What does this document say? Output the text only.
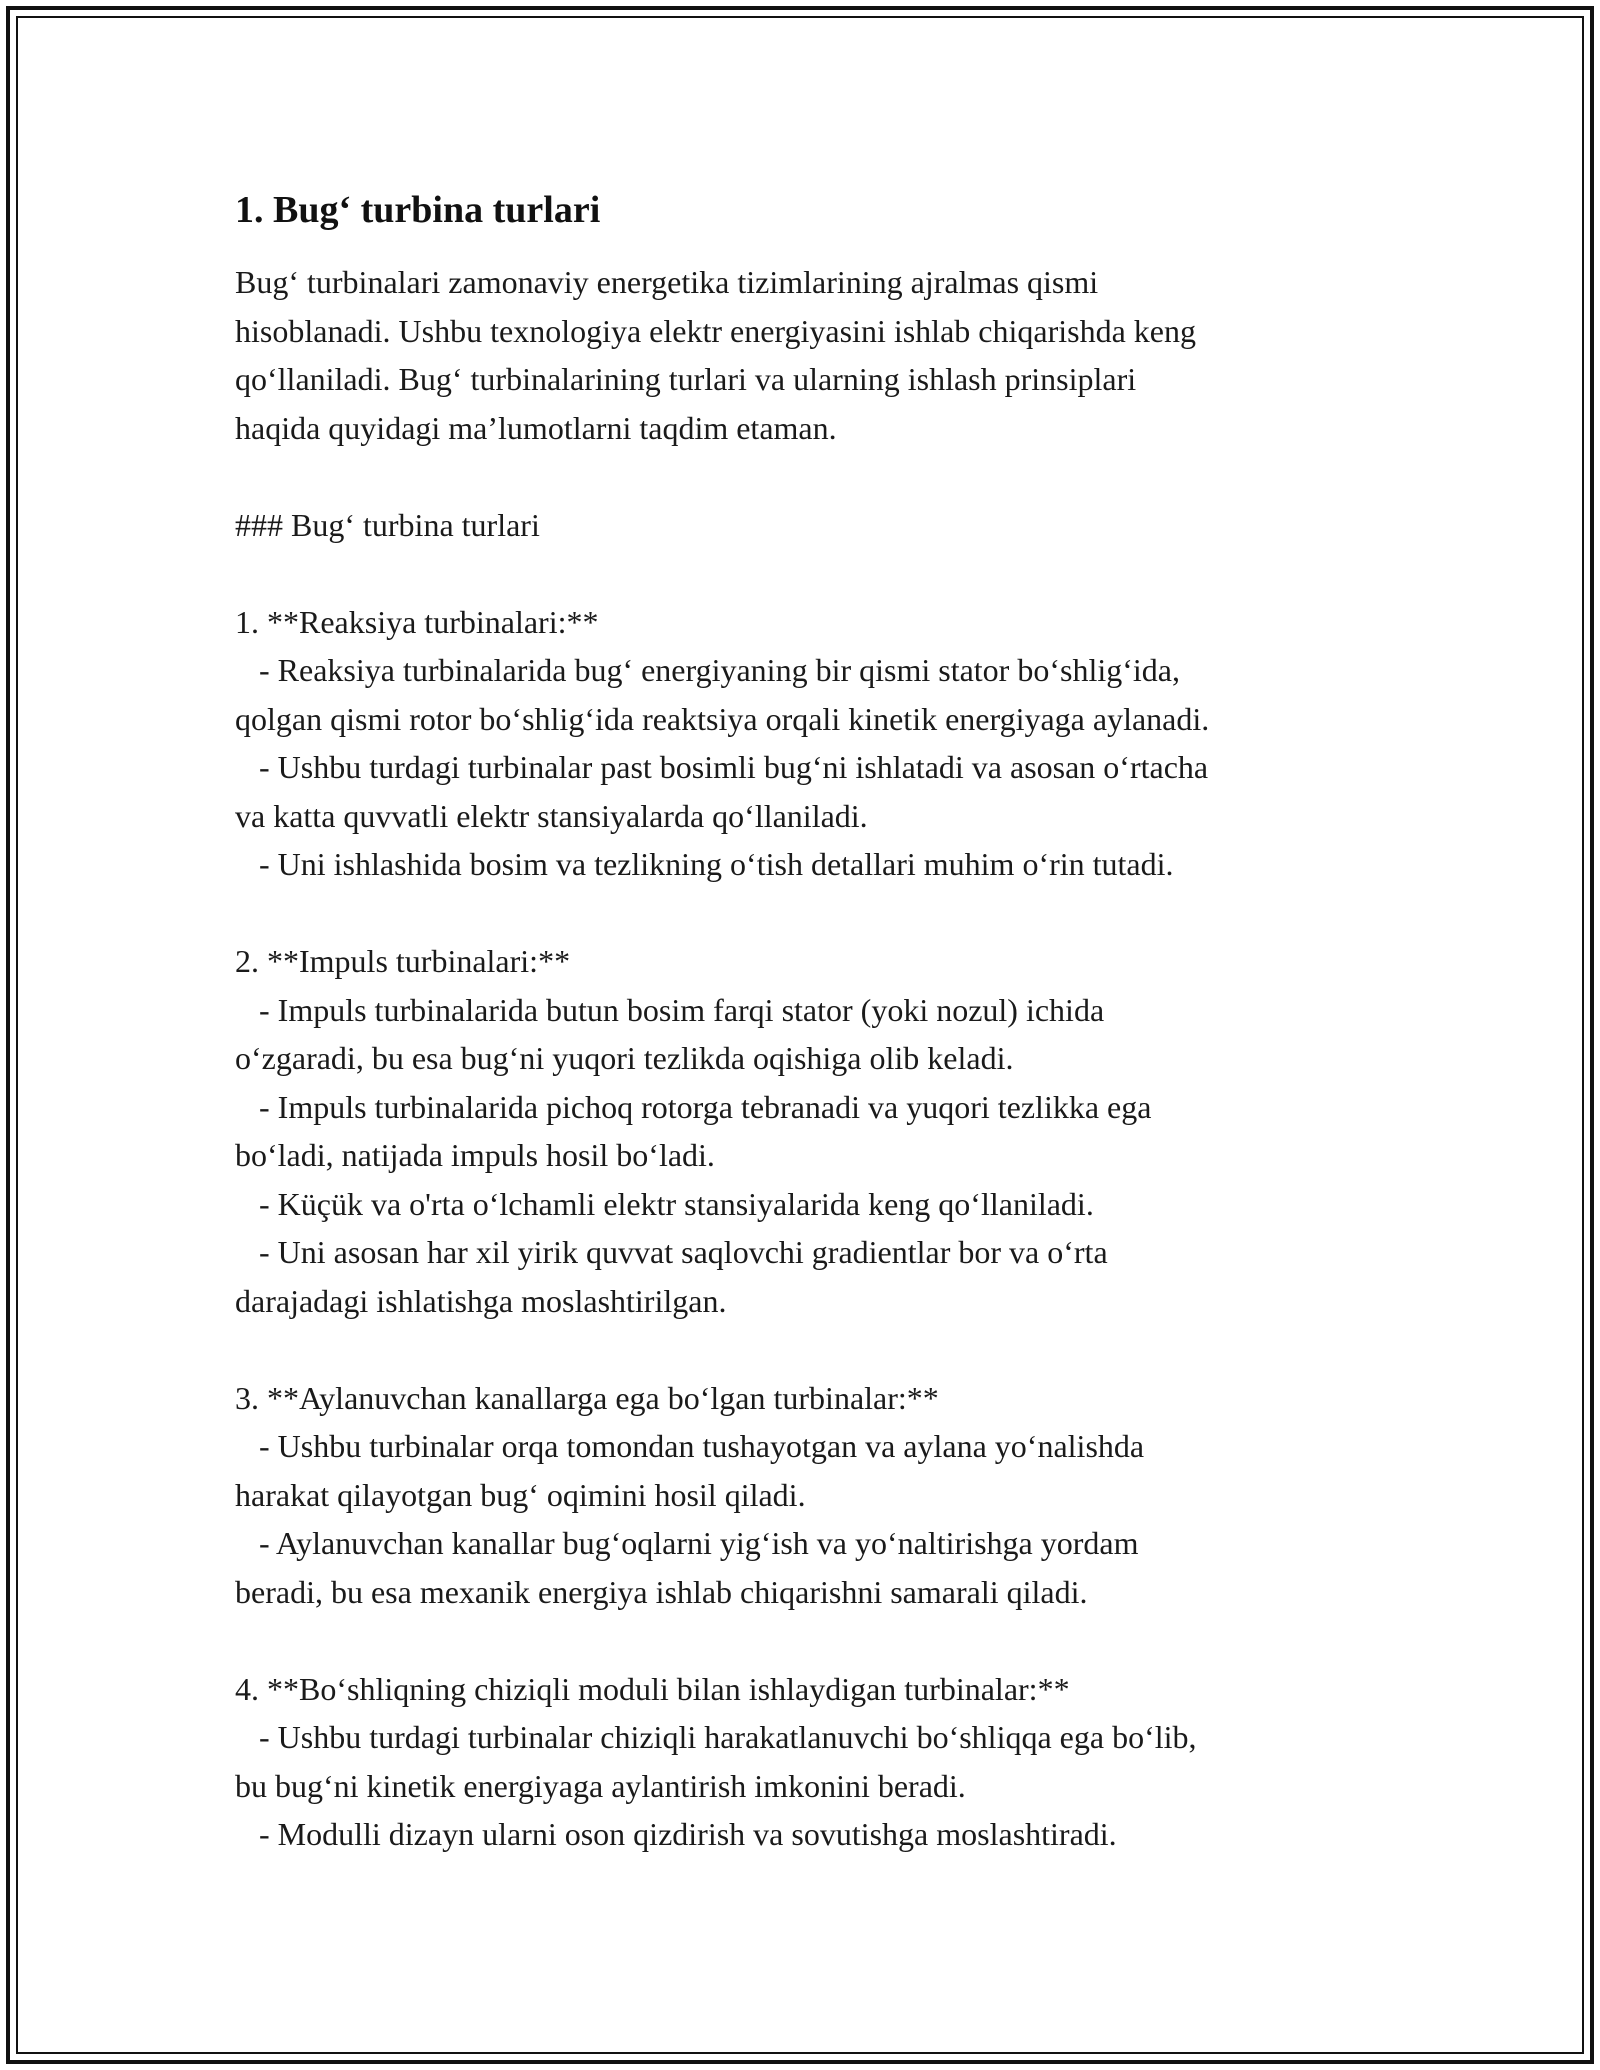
1. Bug‘ turbina turlari

Bug‘ turbinalari zamonaviy energetika tizimlarining ajralmas qismi
hisoblanadi. Ushbu texnologiya elektr energiyasini ishlab chiqarishda keng
qo‘llaniladi. Bug‘ turbinalarining turlari va ularning ishlash prinsiplari
haqida quyidagi ma’lumotlarni taqdim etaman.

### Bug‘ turbina turlari

1. **Reaksiya turbinalari:**

- Reaksiya turbinalarida bug‘ energiyaning bir qismi stator bo‘shlig‘ida,
qolgan qismi rotor bo‘shlig‘ida reaktsiya orqali kinetik energiyaga aylanadi.
- Ushbu turdagi turbinalar past bosimli bug‘ni ishlatadi va asosan o‘rtacha
va katta quvvatli elektr stansiyalarda qo‘llaniladi.
- Uni ishlashida bosim va tezlikning o‘tish detallari muhim o‘rin tutadi.

2. **Impuls turbinalari:**

- Impuls turbinalarida butun bosim farqi stator (yoki nozul) ichida
o‘zgaradi, bu esa bug‘ni yuqori tezlikda oqishiga olib keladi.
- Impuls turbinalarida pichoq rotorga tebranadi va yuqori tezlikka ega
bo‘ladi, natijada impuls hosil bo‘ladi.
- Küçük va o'rta o‘lchamli elektr stansiyalarida keng qo‘llaniladi.
- Uni asosan har xil yirik quvvat saqlovchi gradientlar bor va o‘rta
darajadagi ishlatishga moslashtirilgan.

3. **Aylanuvchan kanallarga ega bo‘lgan turbinalar:**

- Ushbu turbinalar orqa tomondan tushayotgan va aylana yo‘nalishda
harakat qilayotgan bug‘ oqimini hosil qiladi.
- Aylanuvchan kanallar bug‘oqlarni yig‘ish va yo‘naltirishga yordam
beradi, bu esa mexanik energiya ishlab chiqarishni samarali qiladi.

4. **Bo‘shliqning chiziqli moduli bilan ishlaydigan turbinalar:**

- Ushbu turdagi turbinalar chiziqli harakatlanuvchi bo‘shliqqa ega bo‘lib,
bu bug‘ni kinetik energiyaga aylantirish imkonini beradi.
- Modulli dizayn ularni oson qizdirish va sovutishga moslashtiradi.
